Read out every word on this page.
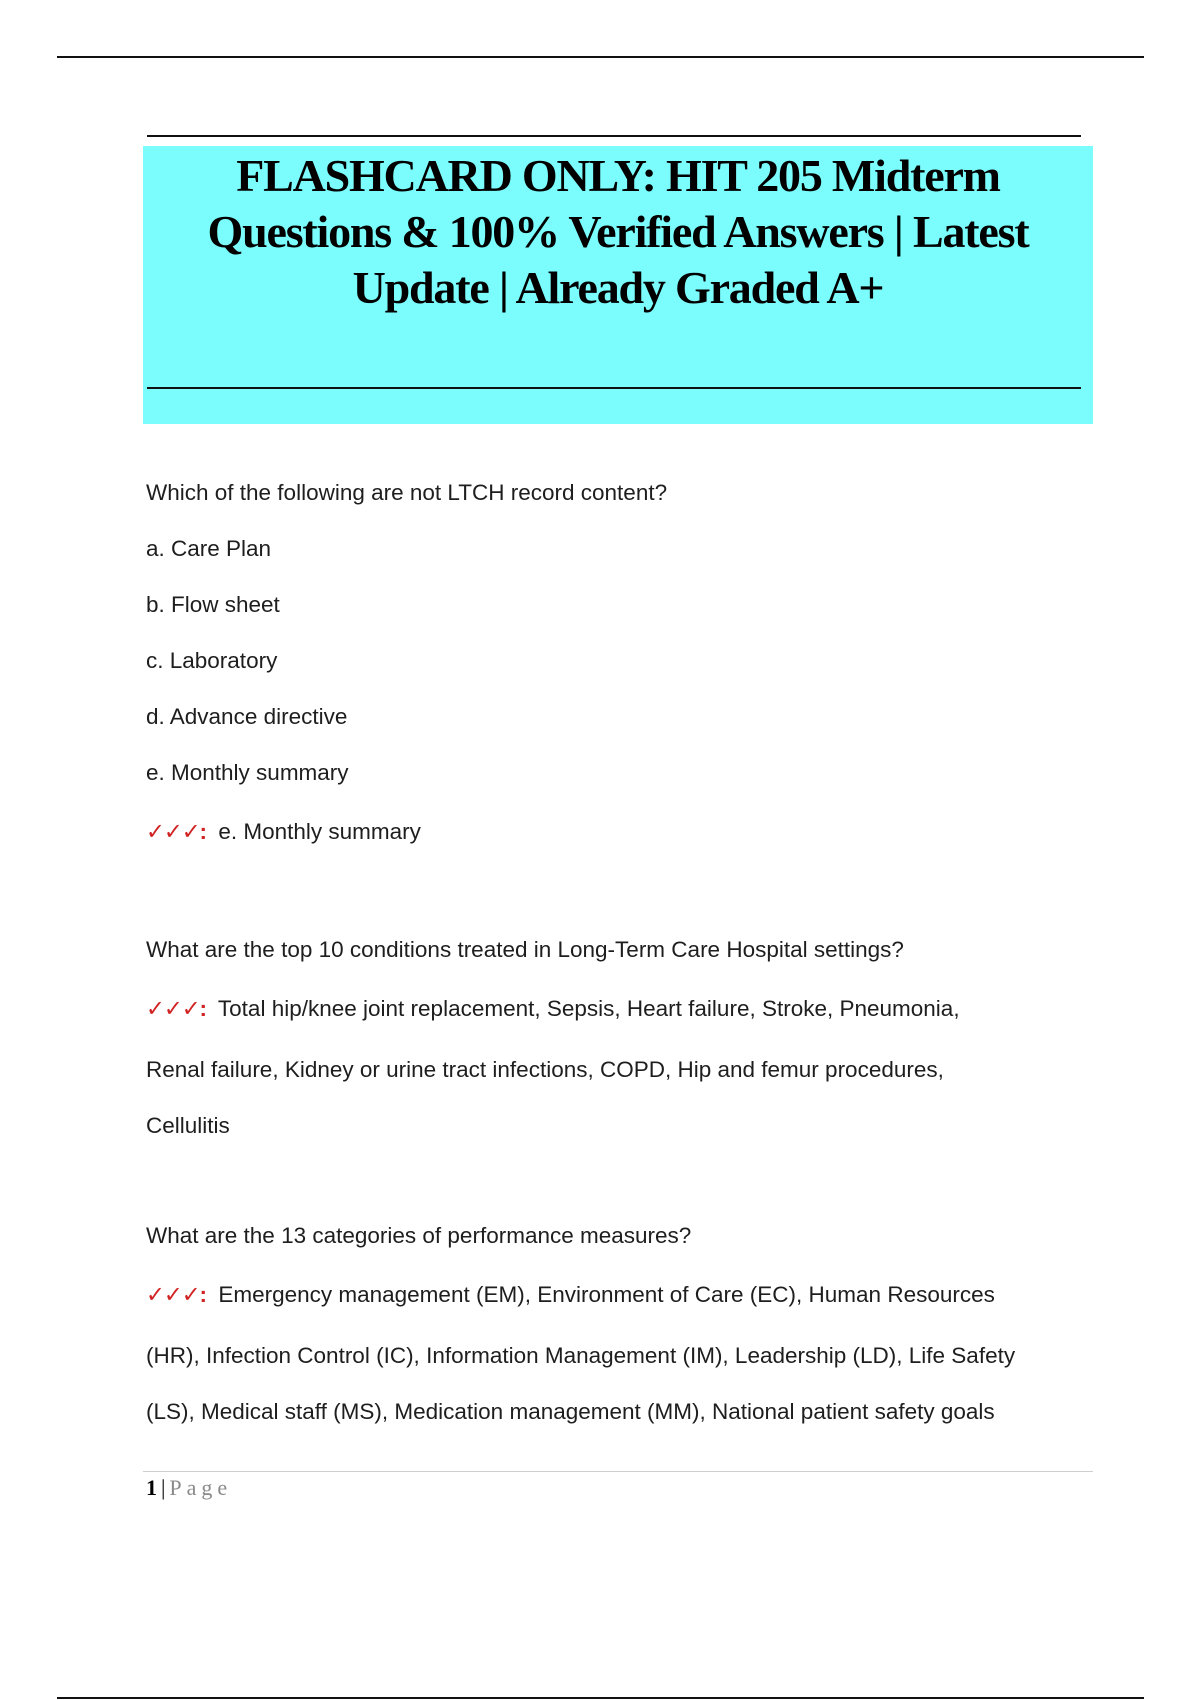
FLASHCARD ONLY: HIT 205 Midterm Questions & 100% Verified Answers | Latest Update | Already Graded A+

Which of the following are not LTCH record content?

a. Care Plan

b. Flow sheet

c. Laboratory

d. Advance directive

e. Monthly summary

✓✓✓: e. Monthly summary

What are the top 10 conditions treated in Long-Term Care Hospital settings?

✓✓✓: Total hip/knee joint replacement, Sepsis, Heart failure, Stroke, Pneumonia,

Renal failure, Kidney or urine tract infections, COPD, Hip and femur procedures,

Cellulitis

What are the 13 categories of performance measures?

✓✓✓: Emergency management (EM), Environment of Care (EC), Human Resources

(HR), Infection Control (IC), Information Management (IM), Leadership (LD), Life Safety

(LS), Medical staff (MS), Medication management (MM), National patient safety goals

1 | Page
